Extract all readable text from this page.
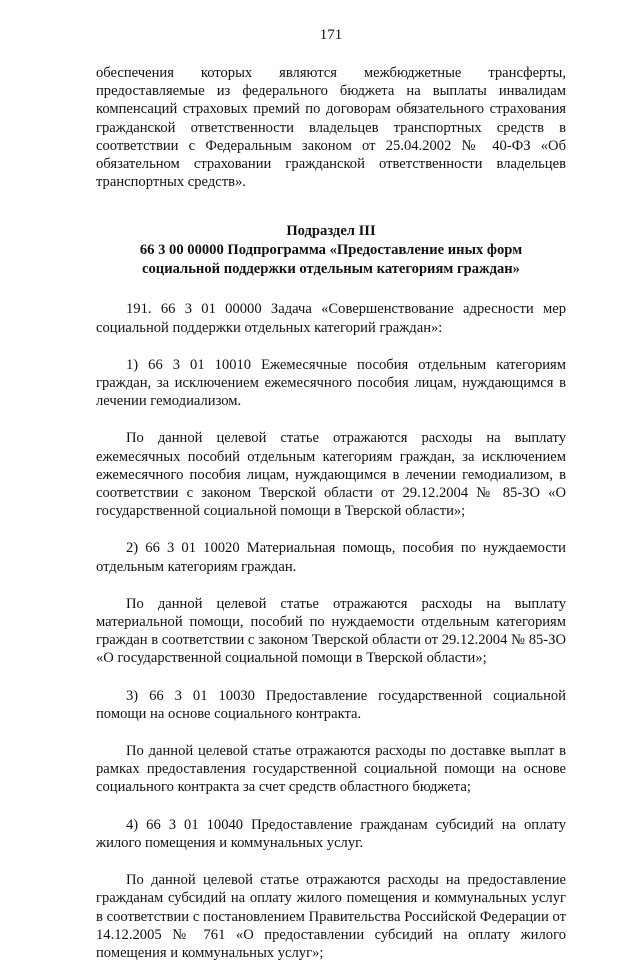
171

обеспечения которых являются межбюджетные трансферты, предоставляемые из федерального бюджета на выплаты инвалидам компенсаций страховых премий по договорам обязательного страхования гражданской ответственности владельцев транспортных средств в соответствии с Федеральным законом от 25.04.2002 № 40-ФЗ «Об обязательном страховании гражданской ответственности владельцев транспортных средств».

Подраздел III

66 3 00 00000 Подпрограмма «Предоставление иных форм

социальной поддержки отдельным категориям граждан»

191. 66 3 01 00000 Задача «Совершенствование адресности мер социальной поддержки отдельных категорий граждан»:

1) 66 3 01 10010 Ежемесячные пособия отдельным категориям граждан, за исключением ежемесячного пособия лицам, нуждающимся в лечении гемодиализом.

По данной целевой статье отражаются расходы на выплату ежемесячных пособий отдельным категориям граждан, за исключением ежемесячного пособия лицам, нуждающимся в лечении гемодиализом, в соответствии с законом Тверской области от 29.12.2004 № 85-ЗО «О государственной социальной помощи в Тверской области»;

2) 66 3 01 10020 Материальная помощь, пособия по нуждаемости отдельным категориям граждан.

По данной целевой статье отражаются расходы на выплату материальной помощи, пособий по нуждаемости отдельным категориям граждан в соответствии с законом Тверской области от 29.12.2004 № 85-ЗО «О государственной социальной помощи в Тверской области»;

3) 66 3 01 10030 Предоставление государственной социальной помощи на основе социального контракта.

По данной целевой статье отражаются расходы по доставке выплат в рамках предоставления государственной социальной помощи на основе социального контракта за счет средств областного бюджета;

4) 66 3 01 10040 Предоставление гражданам субсидий на оплату жилого помещения и коммунальных услуг.

По данной целевой статье отражаются расходы на предоставление гражданам субсидий на оплату жилого помещения и коммунальных услуг в соответствии с постановлением Правительства Российской Федерации от 14.12.2005 № 761 «О предоставлении субсидий на оплату жилого помещения и коммунальных услуг»;
